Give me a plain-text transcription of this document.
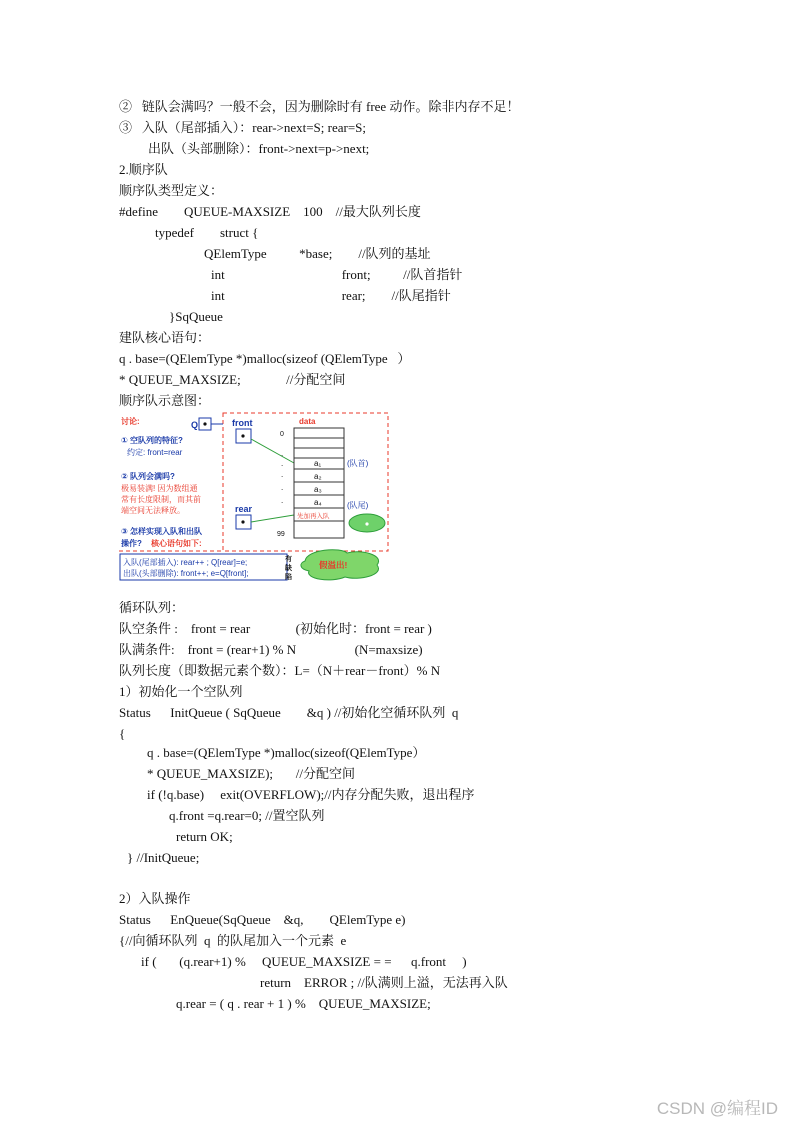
②   链队会满吗？一般不会，因为删除时有 free 动作。除非内存不足！
③   入队（尾部插入）：rear->next=S; rear=S;
出队（头部删除）：front->next=p->next;
2.顺序队
顺序队类型定义：
#define        QUEUE-MAXSIZE    100    //最大队列长度
typedef        struct {
QElemType          *base;        //队列的基址
int                                    front;          //队首指针
int                                    rear;        //队尾指针
}SqQueue
建队核心语句：
q . base=(QElemType *)malloc(sizeof (QElemType   ）
* QUEUE_MAXSIZE;              //分配空间
顺序队示意图：
讨论:
① 空队列的特征?
约定: front=rear
② 队列会满吗?
极易装满! 因为数组通
常有长度限制，而其前
端空间无法释放。
③ 怎样实现入队和出队
操作? 核心语句如下:
入队(尾部插入): rear++ ; Q[rear]=e;
出队(头部删除): front++; e=Q[front];
Q	front
rear
data
0
.
.
.
.
.
99
a₁
a₂
a₃
a₄
先加再入队
(队首)
(队尾)
有
缺
陷
假溢出!
循环队列：
队空条件 :    front = rear              (初始化时：front = rear )
队满条件:    front = (rear+1) % N                  (N=maxsize)
队列长度（即数据元素个数）：L=（N＋rear－front）% N
1）初始化一个空队列
Status      InitQueue ( SqQueue        &q ) //初始化空循环队列  q
{
q . base=(QElemType *)malloc(sizeof(QElemType）
* QUEUE_MAXSIZE);       //分配空间
if (!q.base)     exit(OVERFLOW);//内存分配失败，退出程序
q.front =q.rear=0; //置空队列
return OK;
} //InitQueue;
2）入队操作
Status      EnQueue(SqQueue    &q,        QElemType e)
{//向循环队列  q  的队尾加入一个元素  e
if (       (q.rear+1) %     QUEUE_MAXSIZE = =      q.front     )
return    ERROR ; //队满则上溢，无法再入队
q.rear = ( q . rear + 1 ) %    QUEUE_MAXSIZE;
CSDN @编程ID
